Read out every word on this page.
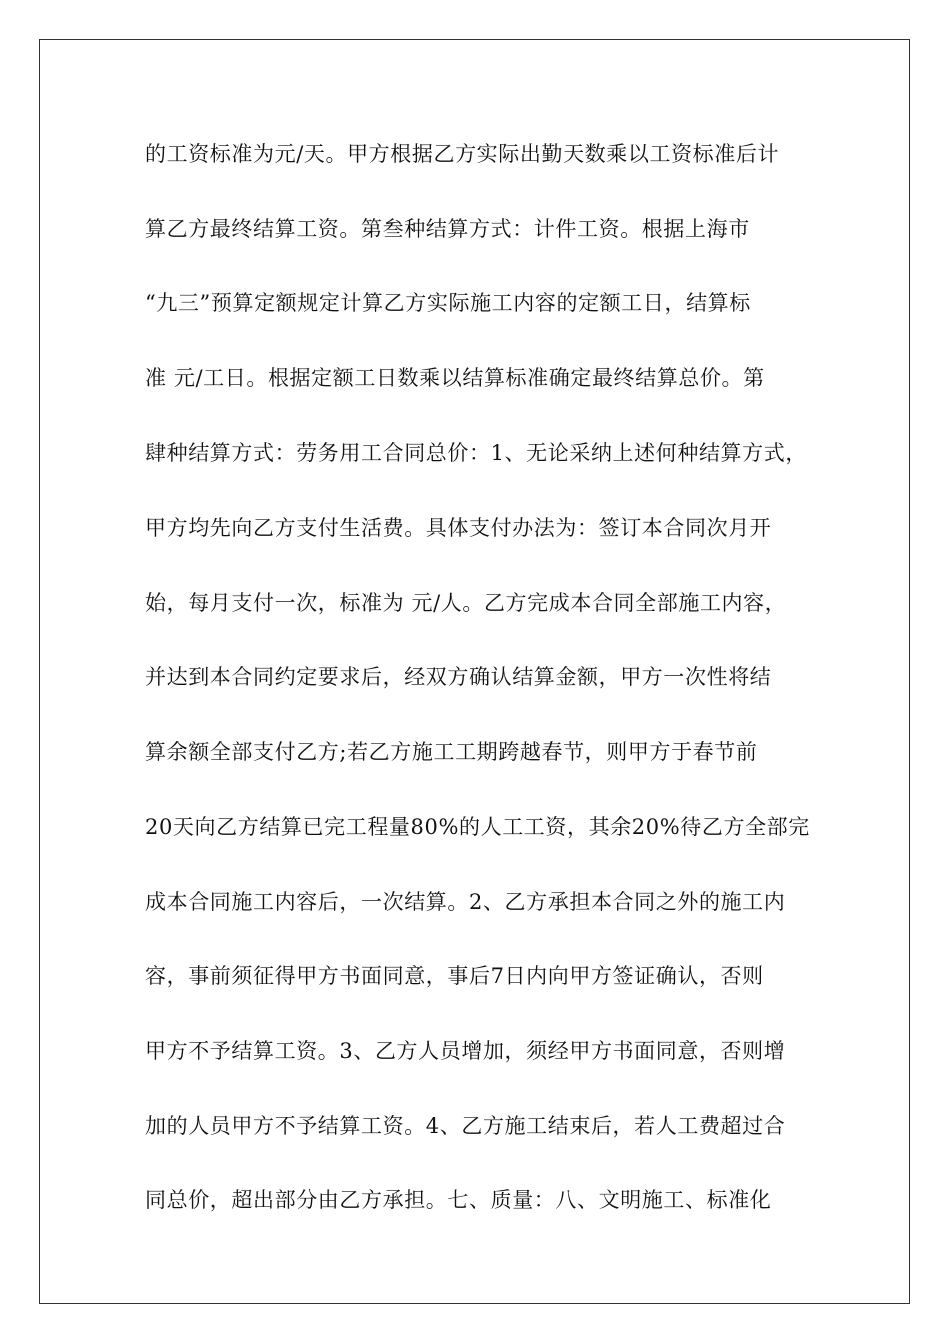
的工资标准为元/天。甲方根据乙方实际出勤天数乘以工资标准后计
算乙方最终结算工资。第叁种结算方式：计件工资。根据上海市
“九三”预算定额规定计算乙方实际施工内容的定额工日，结算标
准 元/工日。根据定额工日数乘以结算标准确定最终结算总价。第
肆种结算方式：劳务用工合同总价：1、无论采纳上述何种结算方式，
甲方均先向乙方支付生活费。具体支付办法为：签订本合同次月开
始，每月支付一次，标准为 元/人。乙方完成本合同全部施工内容，
并达到本合同约定要求后，经双方确认结算金额，甲方一次性将结
算余额全部支付乙方;若乙方施工工期跨越春节，则甲方于春节前
20天向乙方结算已完工程量80%的人工工资，其余20%待乙方全部完
成本合同施工内容后，一次结算。2、乙方承担本合同之外的施工内
容，事前须征得甲方书面同意，事后7日内向甲方签证确认，否则
甲方不予结算工资。3、乙方人员增加，须经甲方书面同意，否则增
加的人员甲方不予结算工资。4、乙方施工结束后，若人工费超过合
同总价，超出部分由乙方承担。七、质量：八、文明施工、标准化
